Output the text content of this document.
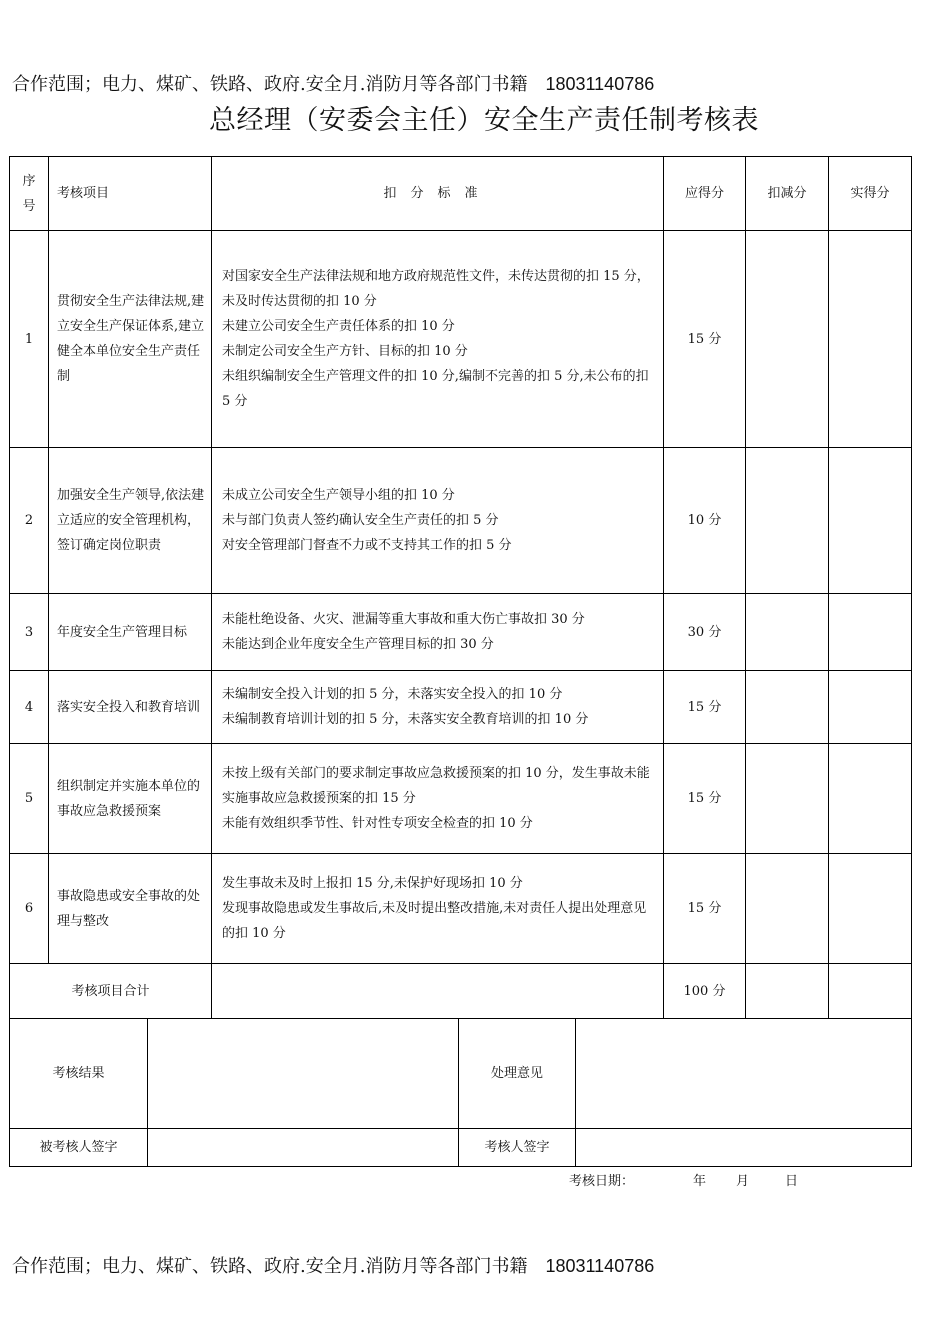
合作范围；电力、煤矿、铁路、政府.安全月.消防月等各部门书籍 18031140786
总经理（安委会主任）安全生产责任制考核表
序
号	考核项目	扣分标准	应得分	扣减分	实得分
1	贯彻安全生产法律法规,建立安全生产保证体系,建立健全本单位安全生产责任制	对国家安全生产法律法规和地方政府规范性文件，未传达贯彻的扣 15 分，未及时传达贯彻的扣 10 分
未建立公司安全生产责任体系的扣 10 分
未制定公司安全生产方针、目标的扣 10 分
未组织编制安全生产管理文件的扣 10 分,编制不完善的扣 5 分,未公布的扣 5 分	15 分		
2	加强安全生产领导,依法建立适应的安全管理机构，签订确定岗位职责	未成立公司安全生产领导小组的扣 10 分
未与部门负责人签约确认安全生产责任的扣 5 分
对安全管理部门督查不力或不支持其工作的扣 5 分	10 分		
3	年度安全生产管理目标	未能杜绝设备、火灾、泄漏等重大事故和重大伤亡事故扣 30 分
未能达到企业年度安全生产管理目标的扣 30 分	30 分		
4	落实安全投入和教育培训	未编制安全投入计划的扣 5 分，未落实安全投入的扣 10 分
未编制教育培训计划的扣 5 分，未落实安全教育培训的扣 10 分	15 分		
5	组织制定并实施本单位的事故应急救援预案	未按上级有关部门的要求制定事故应急救援预案的扣 10 分，发生事故未能实施事故应急救援预案的扣 15 分
未能有效组织季节性、针对性专项安全检查的扣 10 分	15 分		
6	事故隐患或安全事故的处理与整改	发生事故未及时上报扣 15 分,未保护好现场扣 10 分
发现事故隐患或发生事故后,未及时提出整改措施,未对责任人提出处理意见的扣 10 分	15 分		
考核项目合计			100 分		
考核结果		处理意见	
被考核人签字		考核人签字	
考核日期：	年 月	日
合作范围；电力、煤矿、铁路、政府.安全月.消防月等各部门书籍 18031140786
